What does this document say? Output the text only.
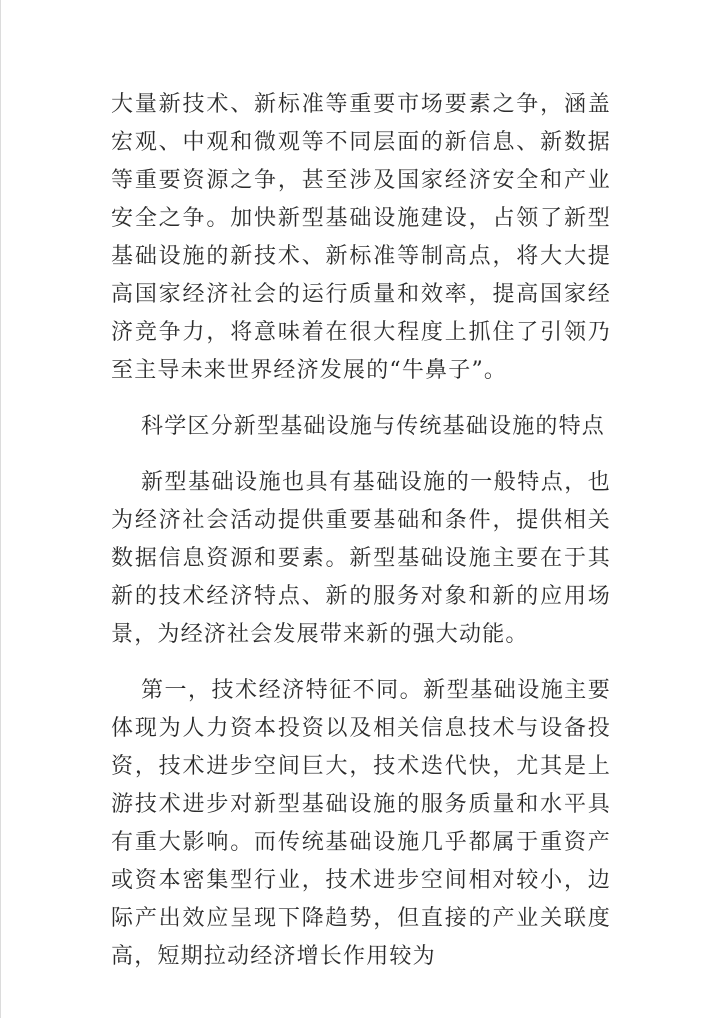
大量新技术、新标准等重要市场要素之争，涵盖宏观、中观和微观等不同层面的新信息、新数据等重要资源之争，甚至涉及国家经济安全和产业安全之争。加快新型基础设施建设，占领了新型基础设施的新技术、新标准等制高点，将大大提高国家经济社会的运行质量和效率，提高国家经济竞争力，将意味着在很大程度上抓住了引领乃至主导未来世界经济发展的“牛鼻子”。

科学区分新型基础设施与传统基础设施的特点

新型基础设施也具有基础设施的一般特点，也为经济社会活动提供重要基础和条件，提供相关数据信息资源和要素。新型基础设施主要在于其新的技术经济特点、新的服务对象和新的应用场景，为经济社会发展带来新的强大动能。

第一，技术经济特征不同。新型基础设施主要体现为人力资本投资以及相关信息技术与设备投资，技术进步空间巨大，技术迭代快，尤其是上游技术进步对新型基础设施的服务质量和水平具有重大影响。而传统基础设施几乎都属于重资产或资本密集型行业，技术进步空间相对较小，边际产出效应呈现下降趋势，但直接的产业关联度高，短期拉动经济增长作用较为
